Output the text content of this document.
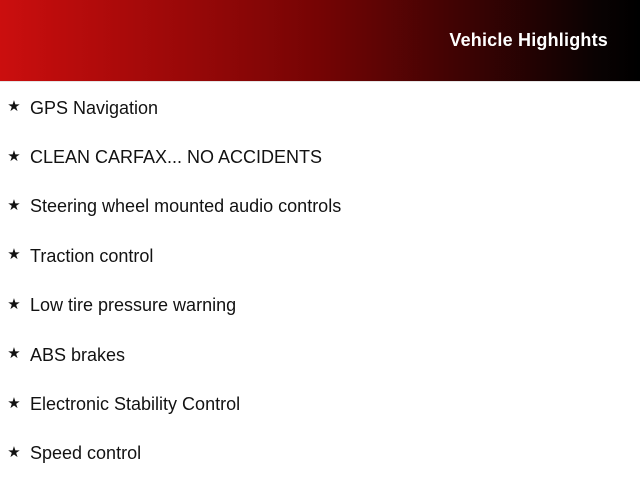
Vehicle Highlights
★ GPS Navigation
★ CLEAN CARFAX... NO ACCIDENTS
★ Steering wheel mounted audio controls
★ Traction control
★ Low tire pressure warning
★ ABS brakes
★ Electronic Stability Control
★ Speed control
